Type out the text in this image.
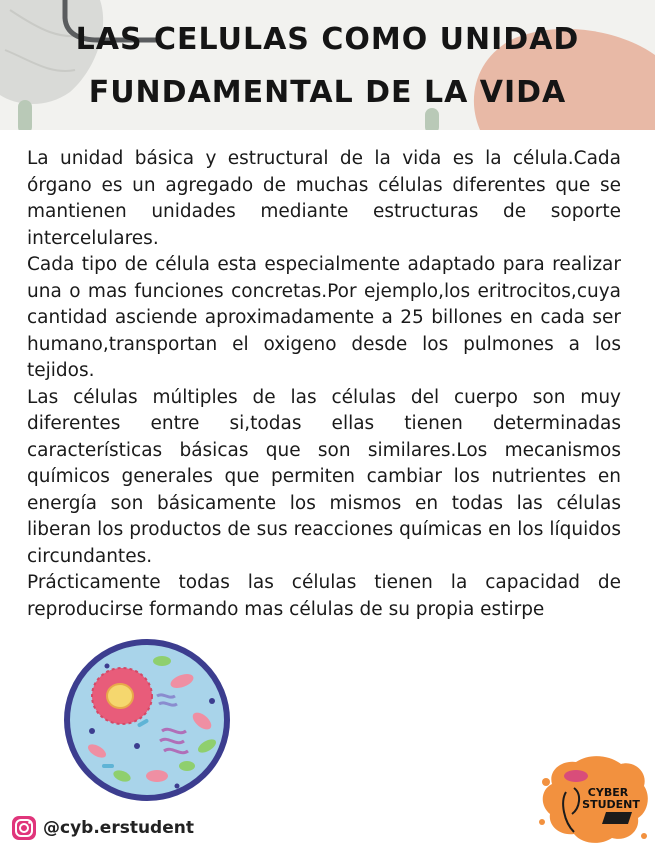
LAS CELULAS COMO UNIDAD
FUNDAMENTAL DE LA VIDA

La unidad básica y estructural de la vida es la célula.Cada órgano es un agregado de muchas células diferentes que se mantienen unidades mediante estructuras de soporte intercelulares.

Cada tipo de célula esta especialmente adaptado para realizar una o mas funciones concretas.Por ejemplo,los eritrocitos,cuya cantidad asciende aproximadamente a 25 billones en cada ser humano,transportan el oxigeno desde los pulmones a los tejidos.

Las células múltiples de las células del cuerpo son muy diferentes entre si,todas ellas tienen determinadas características básicas que son similares.Los mecanismos químicos generales que permiten cambiar los nutrientes en energía son básicamente los mismos en todas las células liberan los productos de sus reacciones químicas en los líquidos circundantes.

Prácticamente todas las células tienen la capacidad de reproducirse formando mas células de su propia estirpe

@cyb.erstudent
CYBER
STUDENT
